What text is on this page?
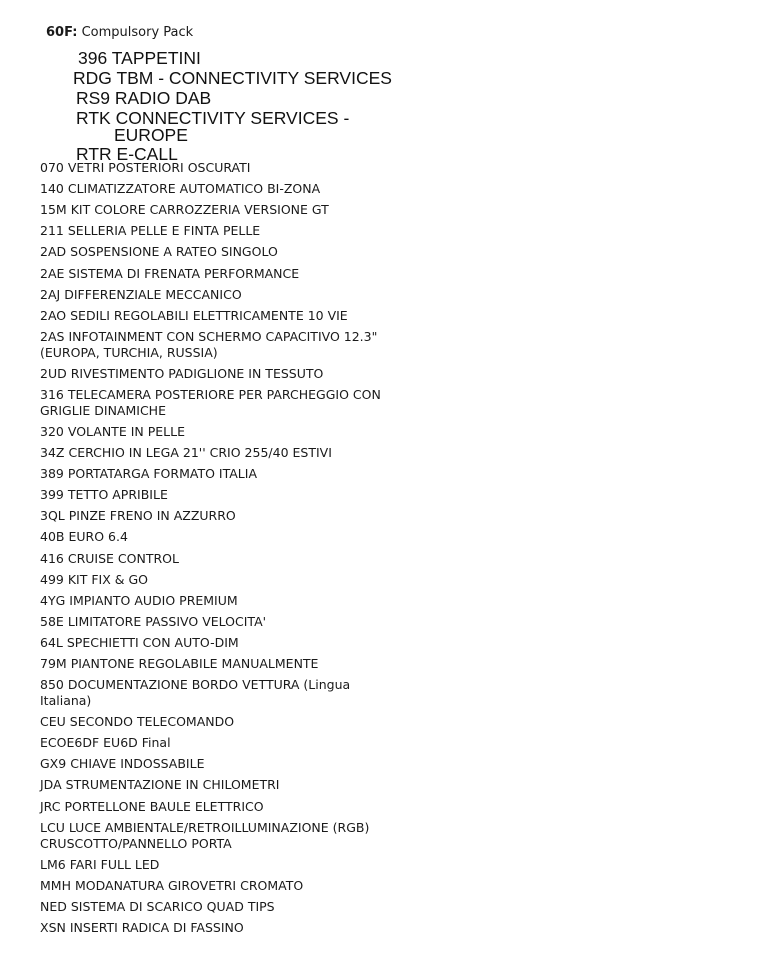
60F: Compulsory Pack
396 TAPPETINI
RDG TBM - CONNECTIVITY SERVICES
RS9 RADIO DAB
RTK CONNECTIVITY SERVICES -
EUROPE
RTR E-CALL
070 VETRI POSTERIORI OSCURATI
140 CLIMATIZZATORE AUTOMATICO BI-ZONA
15M KIT COLORE CARROZZERIA VERSIONE GT
211 SELLERIA PELLE E FINTA PELLE
2AD SOSPENSIONE A RATEO SINGOLO
2AE SISTEMA DI FRENATA PERFORMANCE
2AJ DIFFERENZIALE MECCANICO
2AO SEDILI REGOLABILI ELETTRICAMENTE 10 VIE
2AS INFOTAINMENT CON SCHERMO CAPACITIVO 12.3"
(EUROPA, TURCHIA, RUSSIA)
2UD RIVESTIMENTO PADIGLIONE IN TESSUTO
316 TELECAMERA POSTERIORE PER PARCHEGGIO CON
GRIGLIE DINAMICHE
320 VOLANTE IN PELLE
34Z CERCHIO IN LEGA 21'' CRIO 255/40 ESTIVI
389 PORTATARGA FORMATO ITALIA
399 TETTO APRIBILE
3QL PINZE FRENO IN AZZURRO
40B EURO 6.4
416 CRUISE CONTROL
499 KIT FIX & GO
4YG IMPIANTO AUDIO PREMIUM
58E LIMITATORE PASSIVO VELOCITA'
64L SPECHIETTI CON AUTO-DIM
79M PIANTONE REGOLABILE MANUALMENTE
850 DOCUMENTAZIONE BORDO VETTURA (Lingua
Italiana)
CEU SECONDO TELECOMANDO
ECOE6DF EU6D Final
GX9 CHIAVE INDOSSABILE
JDA STRUMENTAZIONE IN CHILOMETRI
JRC PORTELLONE BAULE ELETTRICO
LCU LUCE AMBIENTALE/RETROILLUMINAZIONE (RGB)
CRUSCOTTO/PANNELLO PORTA
LM6 FARI FULL LED
MMH MODANATURA GIROVETRI CROMATO
NED SISTEMA DI SCARICO QUAD TIPS
XSN INSERTI RADICA DI FASSINO
